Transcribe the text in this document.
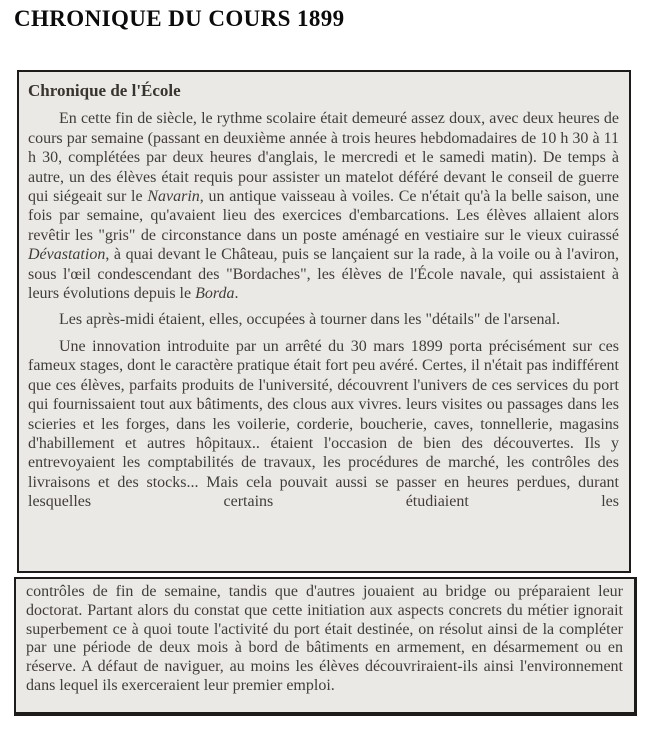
CHRONIQUE DU COURS 1899
Chronique de l'École

En cette fin de siècle, le rythme scolaire était demeuré assez doux, avec deux heures de cours par semaine (passant en deuxième année à trois heures hebdomadaires de 10 h 30 à 11 h 30, complétées par deux heures d'anglais, le mercredi et le samedi matin). De temps à autre, un des élèves était requis pour assister un matelot déféré devant le conseil de guerre qui siégeait sur le Navarin, un antique vaisseau à voiles. Ce n'était qu'à la belle saison, une fois par semaine, qu'avaient lieu des exercices d'embarcations. Les élèves allaient alors revêtir les "gris" de circonstance dans un poste aménagé en vestiaire sur le vieux cuirassé Dévastation, à quai devant le Château, puis se lançaient sur la rade, à la voile ou à l'aviron, sous l'œil condescendant des "Bordaches", les élèves de l'École navale, qui assistaient à leurs évolutions depuis le Borda.

Les après-midi étaient, elles, occupées à tourner dans les "détails" de l'arsenal.

Une innovation introduite par un arrêté du 30 mars 1899 porta précisément sur ces fameux stages, dont le caractère pratique était fort peu avéré. Certes, il n'était pas indifférent que ces élèves, parfaits produits de l'université, découvrent l'univers de ces services du port qui fournissaient tout aux bâtiments, des clous aux vivres. leurs visites ou passages dans les scieries et les forges, dans les voilerie, corderie, boucherie, caves, tonnellerie, magasins d'habillement et autres hôpitaux.. étaient l'occasion de bien des découvertes. Ils y entrevoyaient les comptabilités de travaux, les procédures de marché, les contrôles des livraisons et des stocks... Mais cela pouvait aussi se passer en heures perdues, durant lesquelles certains étudiaient les

contrôles de fin de semaine, tandis que d'autres jouaient au bridge ou préparaient leur doctorat. Partant alors du constat que cette initiation aux aspects concrets du métier ignorait superbement ce à quoi toute l'activité du port était destinée, on résolut ainsi de la compléter par une période de deux mois à bord de bâtiments en armement, en désarmement ou en réserve. A défaut de naviguer, au moins les élèves découvriraient-ils ainsi l'environnement dans lequel ils exerceraient leur premier emploi.
